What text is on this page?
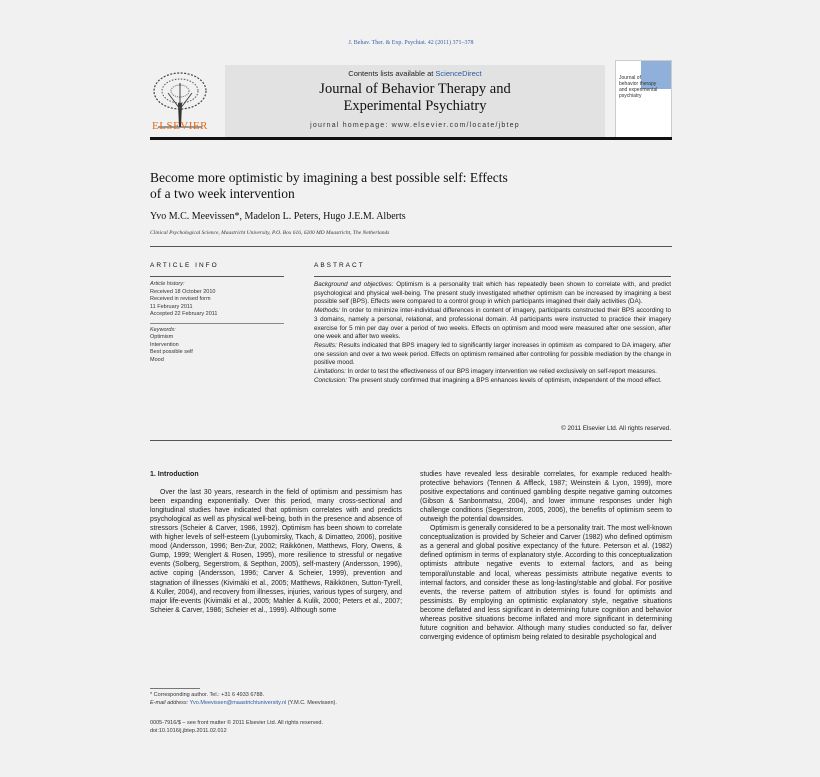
J. Behav. Ther. & Exp. Psychiat. 42 (2011) 371–378
ELSEVIER
Contents lists available at ScienceDirect
Journal of Behavior Therapy and
Experimental Psychiatry
journal homepage: www.elsevier.com/locate/jbtep
Journal of behavior therapy and experimental psychiatry
Become more optimistic by imagining a best possible self: Effects
of a two week intervention
Yvo M.C. Meevissen*, Madelon L. Peters, Hugo J.E.M. Alberts
Clinical Psychological Science, Maastricht University, P.O. Box 616, 6200 MD Maastricht, The Netherlands
ARTICLE INFO	ABSTRACT
Article history:
Received 18 October 2010
Received in revised form
11 February 2011
Accepted 22 February 2011
Keywords:
Optimism
Intervention
Best possible self
Mood
Background and objectives: Optimism is a personality trait which has repeatedly been shown to correlate with, and predict psychological and physical well-being. The present study investigated whether optimism can be increased by imagining a best possible self (BPS). Effects were compared to a control group in which participants imagined their daily activities (DA).
Methods: In order to minimize inter-individual differences in content of imagery, participants constructed their BPS according to 3 domains, namely a personal, relational, and professional domain. All participants were instructed to practice their imagery exercise for 5 min per day over a period of two weeks. Effects on optimism and mood were measured after one session, after one week and after two weeks.
Results: Results indicated that BPS imagery led to significantly larger increases in optimism as compared to DA imagery, after one session and over a two week period. Effects on optimism remained after controlling for possible mediation by the change in positive mood.
Limitations: In order to test the effectiveness of our BPS imagery intervention we relied exclusively on self-report measures.
Conclusion: The present study confirmed that imagining a BPS enhances levels of optimism, independent of the mood effect.
© 2011 Elsevier Ltd. All rights reserved.
1. Introduction

Over the last 30 years, research in the field of optimism and pessimism has been expanding exponentially. Over this period, many cross-sectional and longitudinal studies have indicated that optimism correlates with and predicts psychological as well as physical well-being, both in the presence and absence of stressors (Scheier & Carver, 1986, 1992). Optimism has been shown to correlate with higher levels of self-esteem (Lyubomirsky, Tkach, & Dimatteo, 2006), positive mood (Andersson, 1996; Ben-Zur, 2002; Räikkönen, Matthews, Flory, Owens, & Gump, 1999; Wenglert & Rosen, 1995), more resilience to stressful or negative events (Solberg, Segerstrom, & Septhon, 2005), self-mastery (Andersson, 1996), active coping (Andersson, 1996; Carver & Scheier, 1999), prevention and stagnation of illnesses (Kivimäki et al., 2005; Matthews, Räikkönen, Sutton-Tyrell, & Kuller, 2004), and recovery from illnesses, injuries, various types of surgery, and major life-events (Kivimäki et al., 2005; Mahler & Kulik, 2000; Peters et al., 2007; Scheier & Carver, 1986; Scheier et al., 1999). Although some

studies have revealed less desirable correlates, for example reduced health-protective behaviors (Tennen & Affleck, 1987; Weinstein & Lyon, 1999), more positive expectations and continued gambling despite negative gaming outcomes (Gibson & Sanbonmatsu, 2004), and lower immune responses under high challenge conditions (Segerstrom, 2005, 2006), the benefits of optimism seem to outweigh the potential downsides.

Optimism is generally considered to be a personality trait. The most well-known conceptualization is provided by Scheier and Carver (1982) who defined optimism as a general and global positive expectancy of the future. Peterson et al. (1982) defined optimism in terms of explanatory style. According to this conceptualization optimists attribute negative events to external factors, and as being temporal/unstable and local, whereas pessimists attribute negative events to internal factors, and consider these as long-lasting/stable and global. For positive events, the reverse pattern of attribution styles is found for optimists and pessimists. By employing an optimistic explanatory style, negative situations become deflated and less significant in determining future cognition and behavior whereas positive situations become inflated and more significant in determining future cognition and behavior. Although many studies conducted so far, deliver converging evidence of optimism being related to desirable psychological and

* Corresponding author. Tel.: +31 6 4933 6788.
E-mail address: Yvo.Meevissen@maastrichtuniversity.nl (Y.M.C. Meevissen).
0005-7916/$ – see front matter © 2011 Elsevier Ltd. All rights reserved.
doi:10.1016/j.jbtep.2011.02.012
